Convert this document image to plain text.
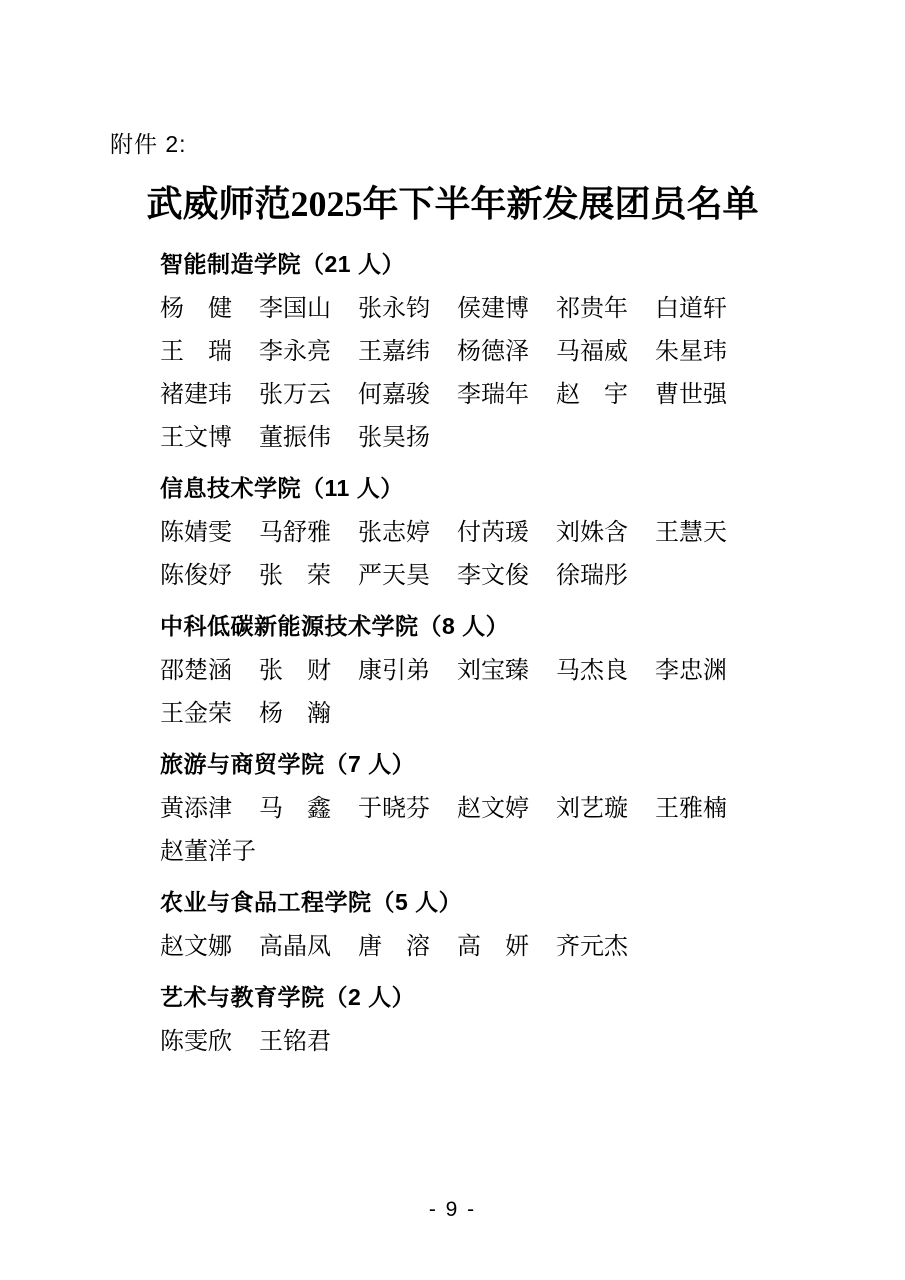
附件 2:
武威师范2025年下半年新发展团员名单
智能制造学院（21 人）
杨　健 李国山 张永钧 侯建博 祁贵年 白道轩
王　瑞 李永亮 王嘉纬 杨德泽 马福威 朱星玮
褚建玮 张万云 何嘉骏 李瑞年 赵　宇 曹世强
王文博 董振伟 张昊扬
信息技术学院（11 人）
陈婧雯 马舒雅 张志婷 付芮瑗 刘姝含 王慧天
陈俊妤 张　荣 严天昊 李文俊 徐瑞彤
中科低碳新能源技术学院（8 人）
邵楚涵 张　财 康引弟 刘宝臻 马杰良 李忠渊
王金荣 杨　瀚
旅游与商贸学院（7 人）
黄添津 马　鑫 于晓芬 赵文婷 刘艺璇 王雅楠
赵董洋子
农业与食品工程学院（5 人）
赵文娜 高晶凤 唐　溶 高　妍 齐元杰
艺术与教育学院（2 人）
陈雯欣 王铭君
- 9 -
